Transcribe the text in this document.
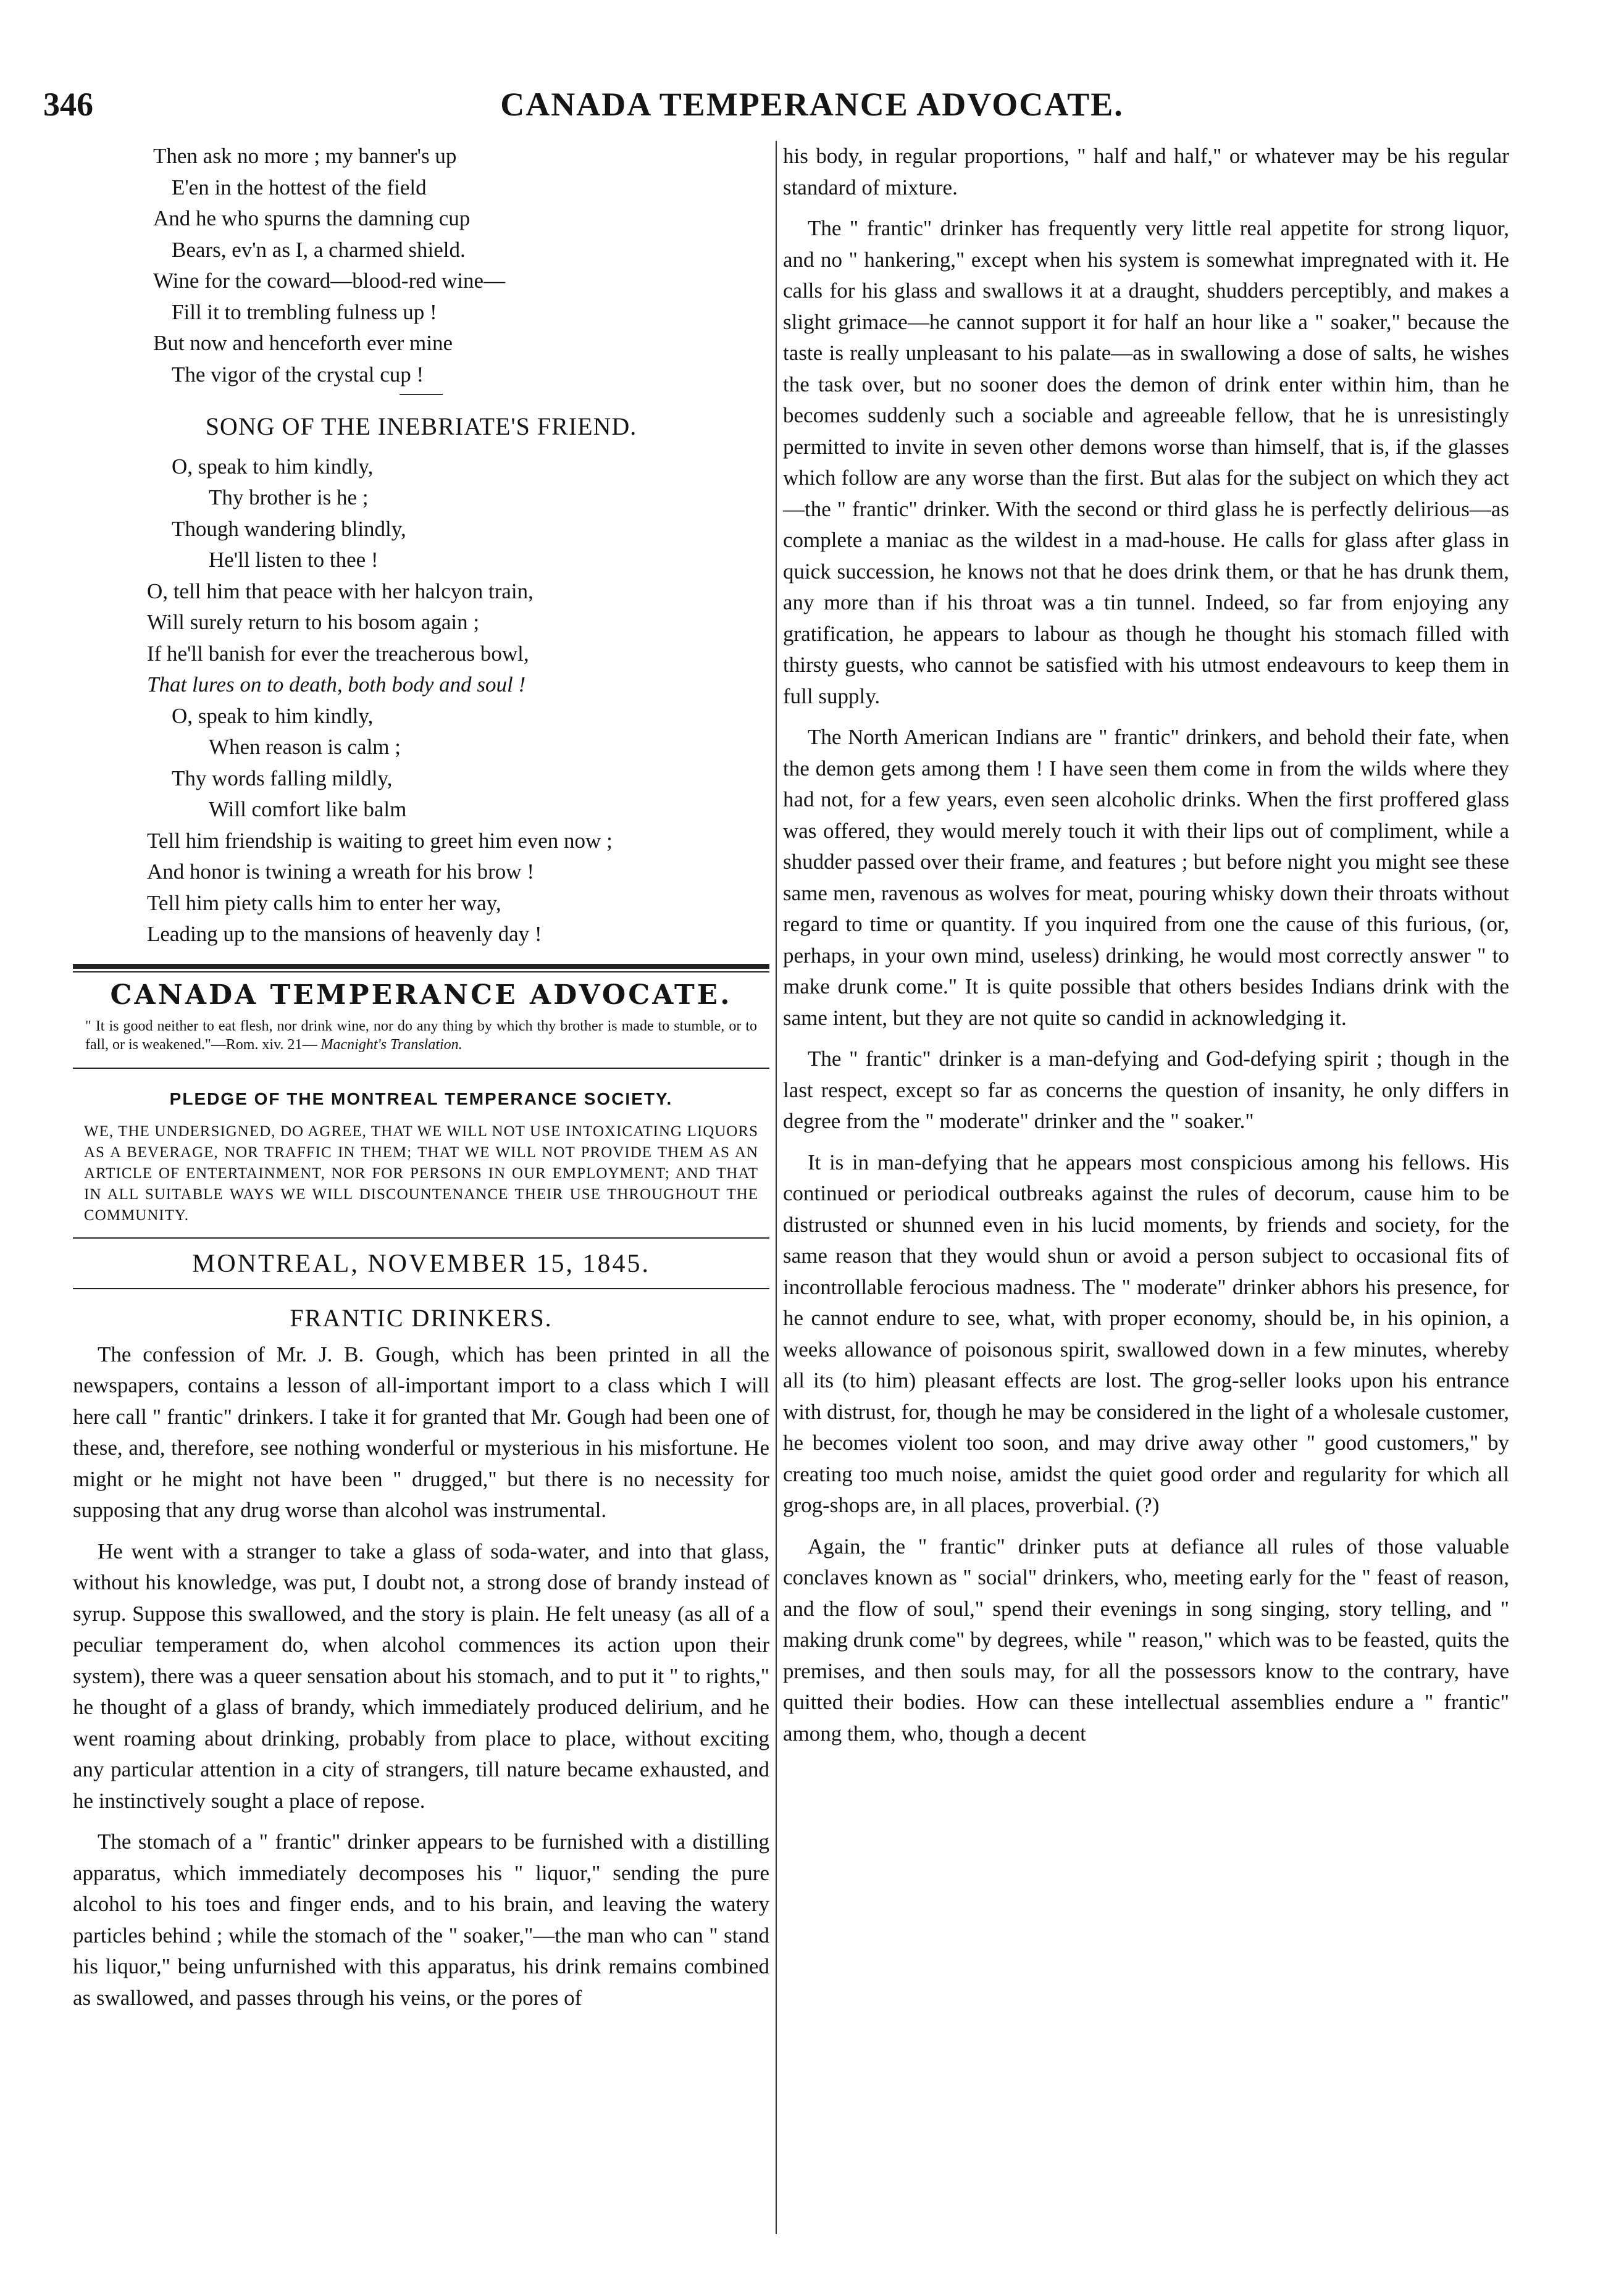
346	CANADA TEMPERANCE ADVOCATE.
Then ask no more ; my banner's up
E'en in the hottest of the field
And he who spurns the damning cup
Bears, ev'n as I, a charmed shield.
Wine for the coward—blood-red wine—
Fill it to trembling fulness up !
But now and henceforth ever mine
The vigor of the crystal cup !
SONG OF THE INEBRIATE'S FRIEND.
O, speak to him kindly,
Thy brother is he ;
Though wandering blindly,
He'll listen to thee !
O, tell him that peace with her halcyon train,
Will surely return to his bosom again ;
If he'll banish for ever the treacherous bowl,
That lures on to death, both body and soul !
O, speak to him kindly,
When reason is calm ;
Thy words falling mildly,
Will comfort like balm
Tell him friendship is waiting to greet him even now ;
And honor is twining a wreath for his brow !
Tell him piety calls him to enter her way,
Leading up to the mansions of heavenly day !
CANADA TEMPERANCE ADVOCATE.
" It is good neither to eat flesh, nor drink wine, nor do any thing by which thy brother is made to stumble, or to fall, or is weakened."—Rom. xiv. 21— Macnight's Translation.
PLEDGE OF THE MONTREAL TEMPERANCE SOCIETY.
WE, THE UNDERSIGNED, DO AGREE, THAT WE WILL NOT USE INTOXICATING LIQUORS AS A BEVERAGE, NOR TRAFFIC IN THEM; THAT WE WILL NOT PROVIDE THEM AS AN ARTICLE OF ENTERTAINMENT, NOR FOR PERSONS IN OUR EMPLOYMENT; AND THAT IN ALL SUITABLE WAYS WE WILL DISCOUNTENANCE THEIR USE THROUGHOUT THE COMMUNITY.
MONTREAL, NOVEMBER 15, 1845.
FRANTIC DRINKERS.

The confession of Mr. J. B. Gough, which has been printed in all the newspapers, contains a lesson of all-important import to a class which I will here call " frantic" drinkers. I take it for granted that Mr. Gough had been one of these, and, therefore, see nothing wonderful or mysterious in his misfortune. He might or he might not have been " drugged," but there is no necessity for supposing that any drug worse than alcohol was instrumental.

He went with a stranger to take a glass of soda-water, and into that glass, without his knowledge, was put, I doubt not, a strong dose of brandy instead of syrup. Suppose this swallowed, and the story is plain. He felt uneasy (as all of a peculiar temperament do, when alcohol commences its action upon their system), there was a queer sensation about his stomach, and to put it " to rights," he thought of a glass of brandy, which immediately produced delirium, and he went roaming about drinking, probably from place to place, without exciting any particular attention in a city of strangers, till nature became exhausted, and he instinctively sought a place of repose.

The stomach of a " frantic" drinker appears to be furnished with a distilling apparatus, which immediately decomposes his " liquor," sending the pure alcohol to his toes and finger ends, and to his brain, and leaving the watery particles behind ; while the stomach of the " soaker,"—the man who can " stand his liquor," being unfurnished with this apparatus, his drink remains combined as swallowed, and passes through his veins, or the pores of

his body, in regular proportions, " half and half," or whatever may be his regular standard of mixture.

The " frantic" drinker has frequently very little real appetite for strong liquor, and no " hankering," except when his system is somewhat impregnated with it. He calls for his glass and swallows it at a draught, shudders perceptibly, and makes a slight grimace—he cannot support it for half an hour like a " soaker," because the taste is really unpleasant to his palate—as in swallowing a dose of salts, he wishes the task over, but no sooner does the demon of drink enter within him, than he becomes suddenly such a sociable and agreeable fellow, that he is unresistingly permitted to invite in seven other demons worse than himself, that is, if the glasses which follow are any worse than the first. But alas for the subject on which they act—the " frantic" drinker. With the second or third glass he is perfectly delirious—as complete a maniac as the wildest in a mad-house. He calls for glass after glass in quick succession, he knows not that he does drink them, or that he has drunk them, any more than if his throat was a tin tunnel. Indeed, so far from enjoying any gratification, he appears to labour as though he thought his stomach filled with thirsty guests, who cannot be satisfied with his utmost endeavours to keep them in full supply.

The North American Indians are " frantic" drinkers, and behold their fate, when the demon gets among them ! I have seen them come in from the wilds where they had not, for a few years, even seen alcoholic drinks. When the first proffered glass was offered, they would merely touch it with their lips out of compliment, while a shudder passed over their frame, and features ; but before night you might see these same men, ravenous as wolves for meat, pouring whisky down their throats without regard to time or quantity. If you inquired from one the cause of this furious, (or, perhaps, in your own mind, useless) drinking, he would most correctly answer " to make drunk come." It is quite possible that others besides Indians drink with the same intent, but they are not quite so candid in acknowledging it.

The " frantic" drinker is a man-defying and God-defying spirit ; though in the last respect, except so far as concerns the question of insanity, he only differs in degree from the " moderate" drinker and the " soaker."

It is in man-defying that he appears most conspicious among his fellows. His continued or periodical outbreaks against the rules of decorum, cause him to be distrusted or shunned even in his lucid moments, by friends and society, for the same reason that they would shun or avoid a person subject to occasional fits of incontrollable ferocious madness. The " moderate" drinker abhors his presence, for he cannot endure to see, what, with proper economy, should be, in his opinion, a weeks allowance of poisonous spirit, swallowed down in a few minutes, whereby all its (to him) pleasant effects are lost. The grog-seller looks upon his entrance with distrust, for, though he may be considered in the light of a wholesale customer, he becomes violent too soon, and may drive away other " good customers," by creating too much noise, amidst the quiet good order and regularity for which all grog-shops are, in all places, proverbial. (?)

Again, the " frantic" drinker puts at defiance all rules of those valuable conclaves known as " social" drinkers, who, meeting early for the " feast of reason, and the flow of soul," spend their evenings in song singing, story telling, and " making drunk come" by degrees, while " reason," which was to be feasted, quits the premises, and then souls may, for all the possessors know to the contrary, have quitted their bodies. How can these intellectual assemblies endure a " frantic" among them, who, though a decent
